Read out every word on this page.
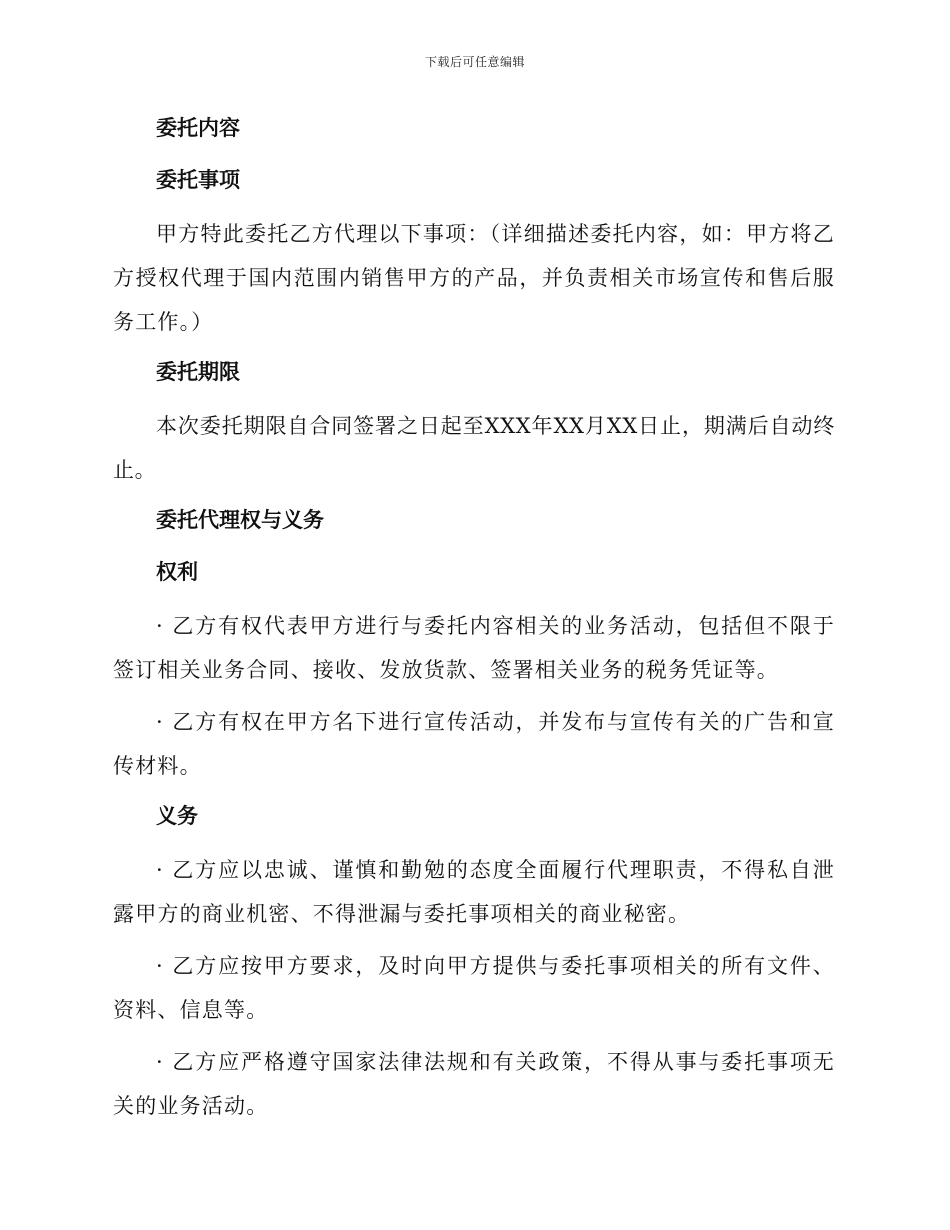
下载后可任意编辑
委托内容
委托事项

甲方特此委托乙方代理以下事项：（详细描述委托内容，如：甲方将乙方授权代理于国内范围内销售甲方的产品，并负责相关市场宣传和售后服务工作。）

委托期限

本次委托期限自合同签署之日起至XXX年XX月XX日止，期满后自动终止。

委托代理权与义务
权利

· 乙方有权代表甲方进行与委托内容相关的业务活动，包括但不限于签订相关业务合同、接收、发放货款、签署相关业务的税务凭证等。

· 乙方有权在甲方名下进行宣传活动，并发布与宣传有关的广告和宣传材料。

义务

· 乙方应以忠诚、谨慎和勤勉的态度全面履行代理职责，不得私自泄露甲方的商业机密、不得泄漏与委托事项相关的商业秘密。

· 乙方应按甲方要求，及时向甲方提供与委托事项相关的所有文件、资料、信息等。

· 乙方应严格遵守国家法律法规和有关政策，不得从事与委托事项无关的业务活动。
